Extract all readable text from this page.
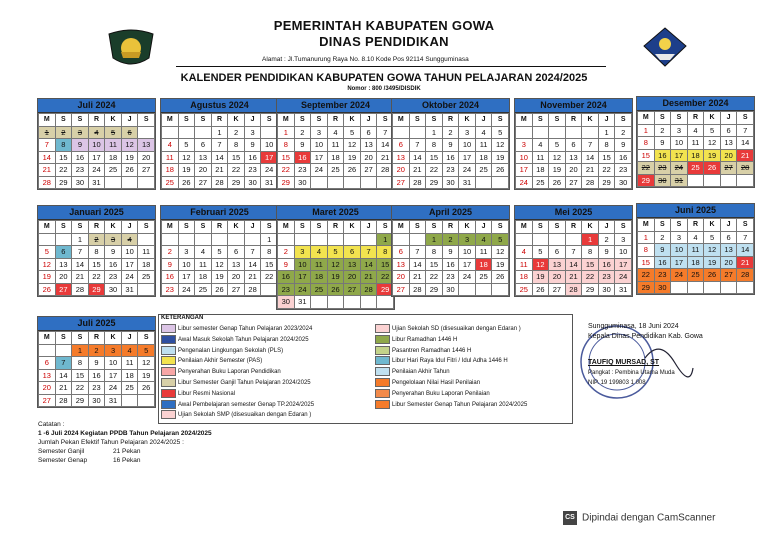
PEMERINTAH KABUPATEN GOWA
DINAS PENDIDIKAN
Alamat : Jl.Tumanurung Raya No. 8.10 Kode Pos 92114 Sungguminasa
KALENDER PENDIDIKAN KABUPATEN GOWA TAHUN PELAJARAN 2024/2025
Nomor : 800 /3495/DISDIK
Juli 2024
M	S	S	R	K	J	S
1	2	3	4	5	6	
7	8	9	10	11	12	13
14	15	16	17	18	19	20
21	22	23	24	25	26	27
28	29	30	31			
Agustus 2024
M	S	S	R	K	J	S
			1	2	3	
4	5	6	7	8	9	10
11	12	13	14	15	16	17
18	19	20	21	22	23	24
25	26	27	28	29	30	31
September 2024
M	S	S	R	K	J	S
1	2	3	4	5	6	7
8	9	10	11	12	13	14
15	16	17	18	19	20	21
22	23	24	25	26	27	28
29	30					
Oktober 2024
M	S	S	R	K	J	S
		1	2	3	4	5
6	7	8	9	10	11	12
13	14	15	16	17	18	19
20	21	22	23	24	25	26
27	28	29	30	31		
November 2024
M	S	S	R	K	J	S
					1	2
3	4	5	6	7	8	9
10	11	12	13	14	15	16
17	18	19	20	21	22	23
24	25	26	27	28	29	30
Desember 2024
M	S	S	R	K	J	S
1	2	3	4	5	6	7
8	9	10	11	12	13	14
15	16	17	18	19	20	21
22	23	24	25	26	27	28
29	30	31				
Januari 2025
M	S	S	R	K	J	S
		1	2	3	4	
5	6	7	8	9	10	11
12	13	14	15	16	17	18
19	20	21	22	23	24	25
26	27	28	29	30	31	
Februari 2025
M	S	S	R	K	J	S
						1
2	3	4	5	6	7	8
9	10	11	12	13	14	15
16	17	18	19	20	21	22
23	24	25	26	27	28	
Maret 2025
M	S	S	R	K	J	S
						1
2	3	4	5	6	7	8
9	10	11	12	13	14	15
16	17	18	19	20	21	22
23	24	25	26	27	28	29
30	31					
April 2025
M	S	S	R	K	J	S
		1	2	3	4	5
6	7	8	9	10	11	12
13	14	15	16	17	18	19
20	21	22	23	24	25	26
27	28	29	30			
Mei 2025
M	S	S	R	K	J	S
				1	2	3
4	5	6	7	8	9	10
11	12	13	14	15	16	17
18	19	20	21	22	23	24
25	26	27	28	29	30	31
Juni 2025
M	S	S	R	K	J	S
1	2	3	4	5	6	7
8	9	10	11	12	13	14
15	16	17	18	19	20	21
22	23	24	25	26	27	28
29	30					
Juli 2025
M	S	S	R	K	J	S
		1	2	3	4	5
6	7	8	9	10	11	12
13	14	15	16	17	18	19
20	21	22	23	24	25	26
27	28	29	30	31		
KETERANGAN
Libur semester Genap Tahun Pelajaran 2023/2024
Awal Masuk Sekolah Tahun Pelajaran 2024/2025
Pengenalan Lingkungan Sekolah (PLS)
Penilaian Akhir Semester (PAS)
Penyerahan Buku Laporan Pendidikan
Libur Semester Ganjil Tahun Pelajaran 2024/2025
Libur Resmi Nasional
Awal Pembelajaran semester Genap TP.2024/2025
Ujian Sekolah SMP (disesuaikan dengan Edaran )
Ujian Sekolah SD (disesuaikan dengan Edaran )
Libur Ramadhan 1446 H
Pasantren Ramadhan 1446 H
Libur Hari Raya Idul Fitri / Idul Adha 1446 H
Penilaian Akhir Tahun
Pengelolaan Nilai Hasil Penilaian
Penyerahan Buku Laporan Penilaian
Libur Semester Genap Tahun Pelajaran 2024/2025
Catatan :
1 -6 Juli 2024 Kegiatan PPDB Tahun Pelajaran 2024/2025
Jumlah Pekan Efektif Tahun Pelajaran 2024/2025 :
Semester Ganjil	21 Pekan
Semester Genap	16 Pekan
Sungguminasa, 18 Juni 2024
Kepala Dinas Pendidikan Kab. Gowa
TAUFIQ MURSAD, ST
Pangkat : Pembina Utama Muda
NIP. 19 199803 1 008
CS Dipindai dengan CamScanner
